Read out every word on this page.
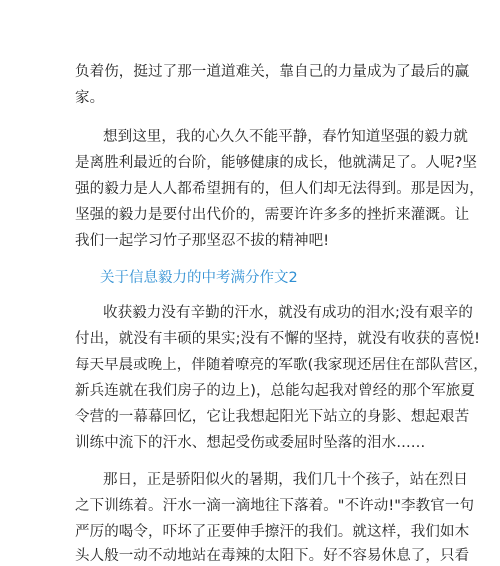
负着伤，挺过了那一道道难关，靠自己的力量成为了最后的赢
家。
想到这里，我的心久久不能平静，春竹知道坚强的毅力就
是离胜利最近的台阶，能够健康的成长，他就满足了。人呢?坚
强的毅力是人人都希望拥有的，但人们却无法得到。那是因为，
坚强的毅力是要付出代价的，需要许许多多的挫折来灌溉。让
我们一起学习竹子那坚忍不拔的精神吧!
关于信息毅力的中考满分作文2
收获毅力没有辛勤的汗水，就没有成功的泪水;没有艰辛的
付出，就没有丰硕的果实;没有不懈的坚持，就没有收获的喜悦!
每天早晨或晚上，伴随着嘹亮的军歌(我家现还居住在部队营区，
新兵连就在我们房子的边上)，总能勾起我对曾经的那个军旅夏
令营的一幕幕回忆，它让我想起阳光下站立的身影、想起艰苦
训练中流下的汗水、想起受伤或委屈时坠落的泪水……
那日，正是骄阳似火的暑期，我们几十个孩子，站在烈日
之下训练着。汗水一滴一滴地往下落着。"不许动!"李教官一句
严厉的喝令，吓坏了正要伸手擦汗的我们。就这样，我们如木
头人般一动不动地站在毒辣的太阳下。好不容易休息了，只看
